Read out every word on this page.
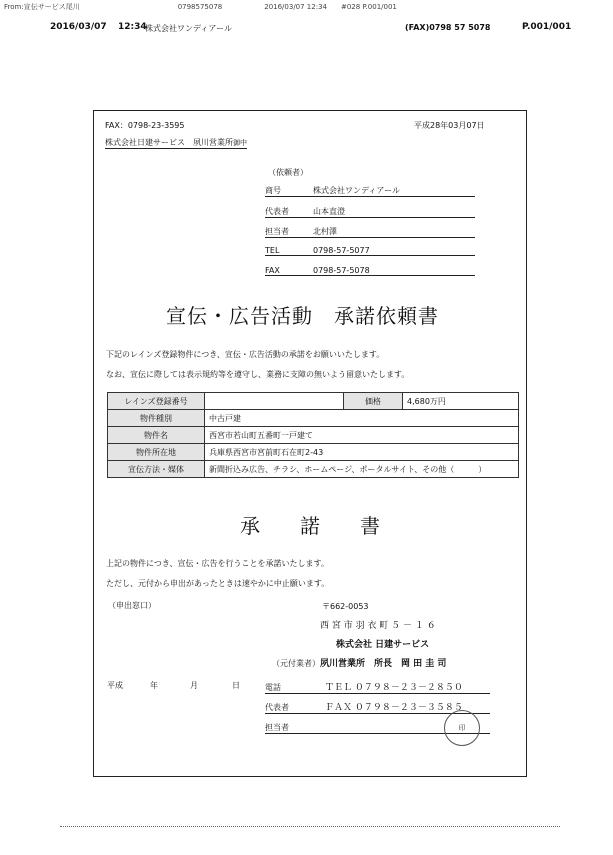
From:宣伝サービス尾川　　　　　　　　　　　　　　0798575078　　　　　　2016/03/07 12:34　　#028 P.001/001
2016/03/07 12:34
株式会社ワンディアール	(FAX)0798 57 5078	P.001/001
FAX：0798-23-3595
株式会社日建サービス　夙川営業所御中
平成28年03月07日
（依頼者）
商号	株式会社ワンディアール
代表者	山本直澄
担当者	北村澤
TEL	0798-57-5077
FAX	0798-57-5078
宣伝・広告活動　承諾依頼書
下記のレインズ登録物件につき、宣伝・広告活動の承諾をお願いいたします。
なお、宣伝に際しては表示規約等を遵守し、業務に支障の無いよう留意いたします。
レインズ登録番号		価格	4,680万円
物件種別	中古戸建		
物件名	西宮市若山町五番町一戸建て		
物件所在地	兵庫県西宮市宮前町石在町2-43		
宣伝方法・媒体	新聞折込み広告、チラシ、ホームページ、ポータルサイト、その他（　　　）		
承　　諾　　書
上記の物件につき、宣伝・広告を行うことを承諾いたします。
ただし、元付から申出があったときは速やかに中止願います。
（申出窓口）	〒662-0053
西 宮 市 羽 衣 町 ５ － １ ６
株式会社 日建サービス
夙川営業所　所長　岡 田 圭 司
（元付業者）
平成	年	月	日	電話	ＴＥＬ ０７９８－２３－２８５０
代表者	ＦＡＸ ０７９８－２３－３５８５
担当者	印
